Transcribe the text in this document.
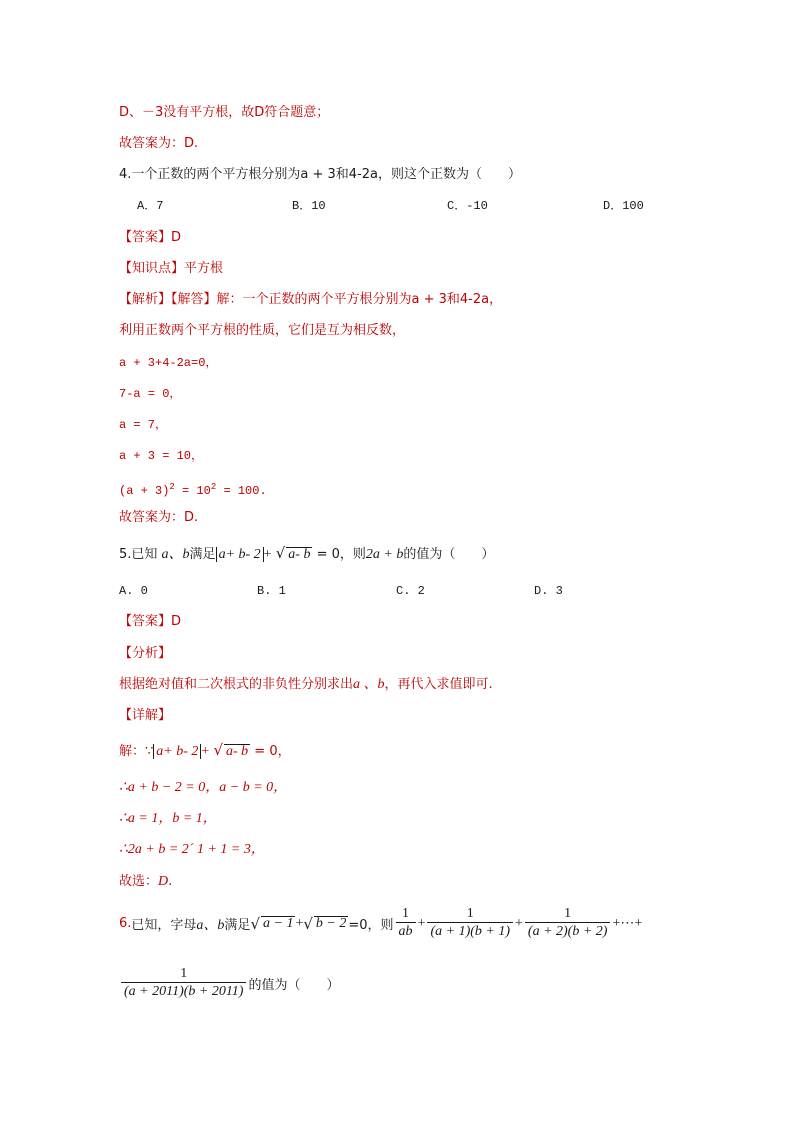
D、－3没有平方根，故D符合题意；
故答案为：D.
4.一个正数的两个平方根分别为a + 3和4-2a，则这个正数为（　　）
A．7	B．10	C．-10	D．100
【答案】D
【知识点】平方根
【解析】【解答】解：一个正数的两个平方根分别为a + 3和4-2a，
利用正数两个平方根的性质，它们是互为相反数，
a + 3+4-2a=0，
7-a = 0，
a = 7，
a + 3 = 10，
$(a + 3)^2 = 10^2 = 100$.
故答案为：D.
5.已知 a、b满足 a+ b- 2 + √ a- b = 0，则2a + b的值为（　　）
A. 0	B. 1	C. 2	D. 3
【答案】D
【分析】
根据绝对值和二次根式的非负性分别求出a 、b，再代入求值即可.
【详解】
解：∵ a+ b- 2 + √ a- b = 0，
∴a + b − 2 = 0，a − b = 0，
∴a = 1，b = 1，
∴2a + b = 2´ 1 + 1 = 3，
故选：D.
6. 已知，字母 a、b 满足 √ a − 1 + √ b − 2 =0，则 $\frac{1}{ab} + \frac{1}{(a + 1)(b + 1)} + \frac{1}{(a + 2)(b + 2)}$ +⋯+
$\frac{1}{(a + 2011)(b + 2011)}$ 的值为（　　）
